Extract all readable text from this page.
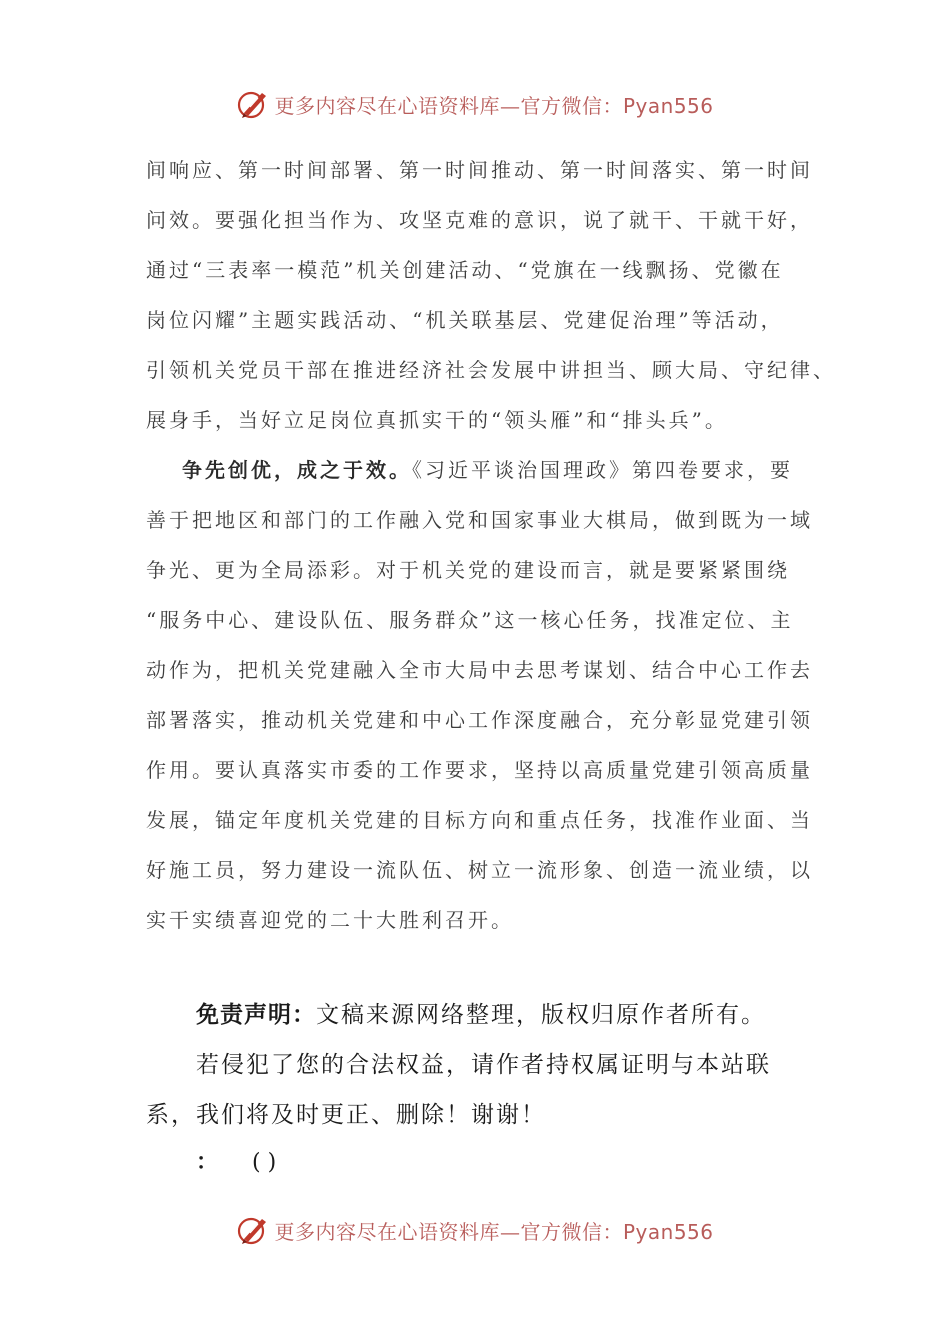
更多内容尽在心语资料库—官方微信：Pyan556
间响应、第一时间部署、第一时间推动、第一时间落实、第一时间
问效。要强化担当作为、攻坚克难的意识，说了就干、干就干好，
通过“三表率一模范”机关创建活动、“党旗在一线飘扬、党徽在
岗位闪耀”主题实践活动、“机关联基层、党建促治理”等活动，
引领机关党员干部在推进经济社会发展中讲担当、顾大局、守纪律、
展身手，当好立足岗位真抓实干的“领头雁”和“排头兵”。
争先创优，成之于效。《习近平谈治国理政》第四卷要求，要
善于把地区和部门的工作融入党和国家事业大棋局，做到既为一域
争光、更为全局添彩。对于机关党的建设而言，就是要紧紧围绕
“服务中心、建设队伍、服务群众”这一核心任务，找准定位、主
动作为，把机关党建融入全市大局中去思考谋划、结合中心工作去
部署落实，推动机关党建和中心工作深度融合，充分彰显党建引领
作用。要认真落实市委的工作要求，坚持以高质量党建引领高质量
发展，锚定年度机关党建的目标方向和重点任务，找准作业面、当
好施工员，努力建设一流队伍、树立一流形象、创造一流业绩，以
实干实绩喜迎党的二十大胜利召开。
免责声明：文稿来源网络整理，版权归原作者所有。
若侵犯了您的合法权益，请作者持权属证明与本站联
系，我们将及时更正、删除！谢谢！
： ( )
更多内容尽在心语资料库—官方微信：Pyan556
